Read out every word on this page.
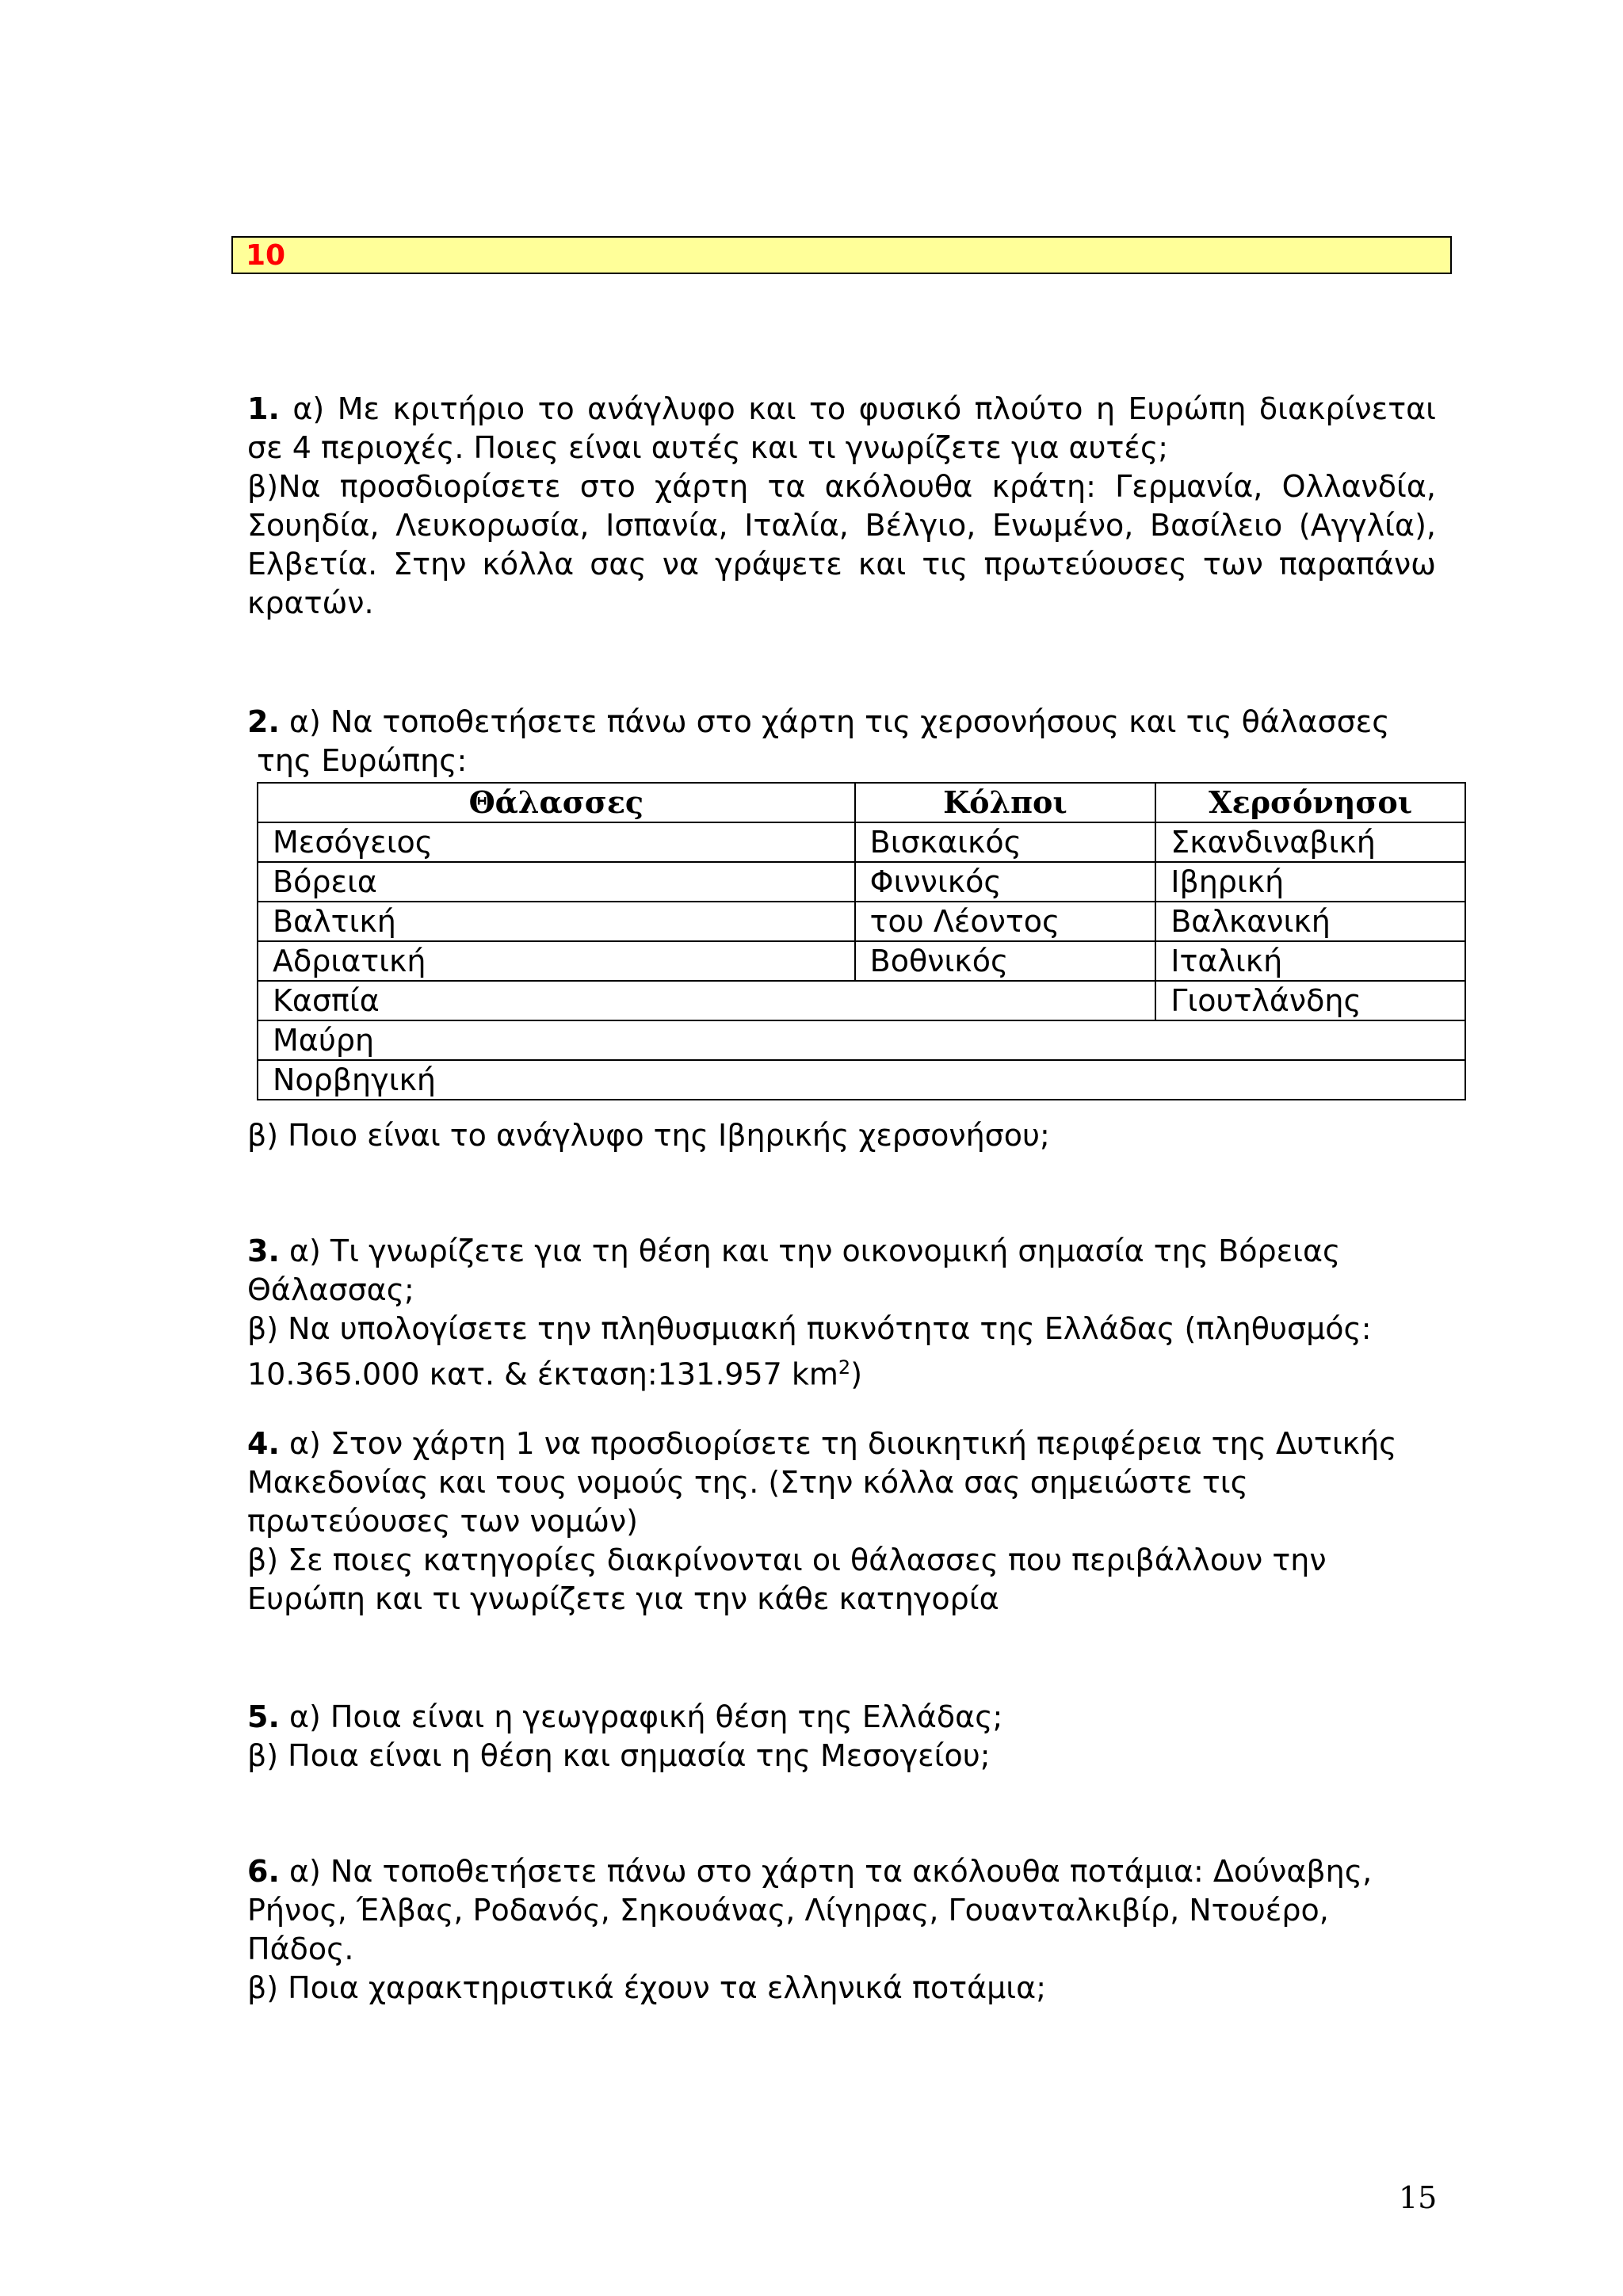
10

1. α) Με κριτήριο το ανάγλυφο και το φυσικό πλούτο η Ευρώπη διακρίνεται σε 4 περιοχές. Ποιες είναι αυτές και τι γνωρίζετε για αυτές;

β)Να προσδιορίσετε στο χάρτη τα ακόλουθα κράτη: Γερμανία, Ολλανδία, Σουηδία, Λευκορωσία, Ισπανία, Ιταλία, Βέλγιο, Ενωμένο, Βασίλειο (Αγγλία), Ελβετία. Στην κόλλα σας να γράψετε και τις πρωτεύουσες των παραπάνω κρατών.

2. α) Να τοποθετήσετε πάνω στο χάρτη τις χερσονήσους και τις θάλασσες

της Ευρώπης:

Θάλασσες	Κόλποι	Χερσόνησοι
Μεσόγειος	Βισκαικός	Σκανδιναβική
Βόρεια	Φιννικός	Ιβηρική
Βαλτική	του Λέοντος	Βαλκανική
Αδριατική	Βοθνικός	Ιταλική
Κασπία		Γιουτλάνδης
Μαύρη		
Νορβηγική		

β) Ποιο είναι το ανάγλυφο της Ιβηρικής χερσονήσου;

3. α) Τι γνωρίζετε για τη θέση και την οικονομική σημασία της Βόρειας Θάλασσας;

β) Να υπολογίσετε την πληθυσμιακή πυκνότητα της Ελλάδας (πληθυσμός: 10.365.000 κατ. & έκταση:131.957 $km^2$)

4. α) Στον χάρτη 1 να προσδιορίσετε τη διοικητική περιφέρεια της Δυτικής Μακεδονίας και τους νομούς της. (Στην κόλλα σας σημειώστε τις πρωτεύουσες των νομών)

β) Σε ποιες κατηγορίες διακρίνονται οι θάλασσες που περιβάλλουν την Ευρώπη και τι γνωρίζετε για την κάθε κατηγορία

5. α) Ποια είναι η γεωγραφική θέση της Ελλάδας;

β) Ποια είναι η θέση και σημασία της Μεσογείου;

6. α) Να τοποθετήσετε πάνω στο χάρτη τα ακόλουθα ποτάμια: Δούναβης, Ρήνος, Έλβας, Ροδανός, Σηκουάνας, Λίγηρας, Γουανταλκιβίρ, Ντουέρο, Πάδος.

β) Ποια χαρακτηριστικά έχουν τα ελληνικά ποτάμια;

15
